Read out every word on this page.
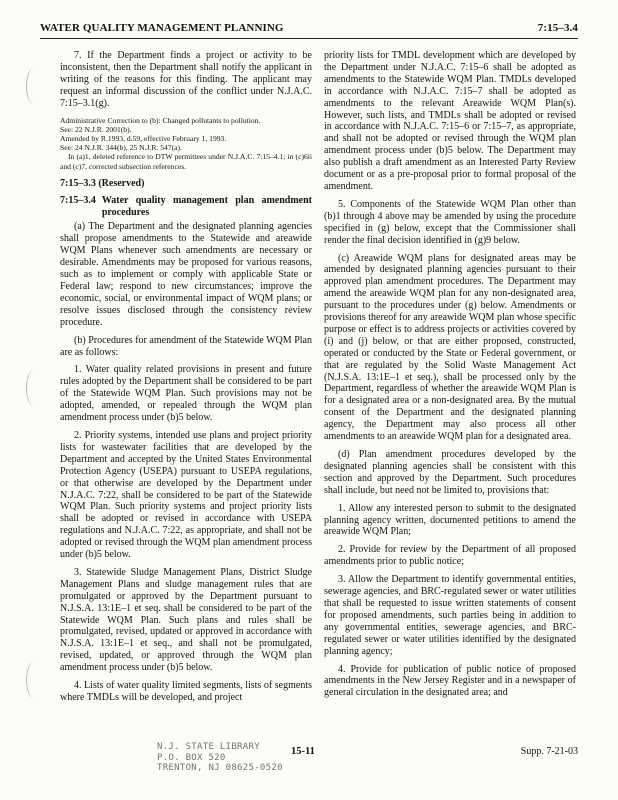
WATER QUALITY MANAGEMENT PLANNING	7:15–3.4

7. If the Department finds a project or activity to be inconsistent, then the Department shall notify the applicant in writing of the reasons for this finding. The applicant may request an informal discussion of the conflict under N.J.A.C. 7:15–3.1(g).

Administrative Correction to (b): Changed pollutants to pollution.

See: 22 N.J.R. 2001(b).

Amended by R.1993, d.59, effective February 1, 1993.

See: 24 N.J.R. 344(b), 25 N.J.R. 547(a).

In (a)1, deleted reference to DTW permittees under N.J.A.C. 7:15–4.1; in (c)6ii and (c)7, corrected subsection references.

7:15–3.3 (Reserved)

7:15–3.4 Water quality management plan amendment procedures

(a) The Department and the designated planning agencies shall propose amendments to the Statewide and areawide WQM Plans whenever such amendments are necessary or desirable. Amendments may be proposed for various reasons, such as to implement or comply with applicable State or Federal law; respond to new circumstances; improve the economic, social, or environmental impact of WQM plans; or resolve issues disclosed through the consistency review procedure.

(b) Procedures for amendment of the Statewide WQM Plan are as follows:

1. Water quality related provisions in present and future rules adopted by the Department shall be considered to be part of the Statewide WQM Plan. Such provisions may not be adopted, amended, or repealed through the WQM plan amendment process under (b)5 below.

2. Priority systems, intended use plans and project priority lists for wastewater facilities that are developed by the Department and accepted by the United States Environmental Protection Agency (USEPA) pursuant to USEPA regulations, or that otherwise are developed by the Department under N.J.A.C. 7:22, shall be considered to be part of the Statewide WQM Plan. Such priority systems and project priority lists shall be adopted or revised in accordance with USEPA regulations and N.J.A.C. 7:22, as appropriate, and shall not be adopted or revised through the WQM plan amendment process under (b)5 below.

3. Statewide Sludge Management Plans, District Sludge Management Plans and sludge management rules that are promulgated or approved by the Department pursuant to N.J.S.A. 13:1E–1 et seq. shall be considered to be part of the Statewide WQM Plan. Such plans and rules shall be promulgated, revised, updated or approved in accordance with N.J.S.A. 13:1E–1 et seq., and shall not be promulgated, revised, updated, or approved through the WQM plan amendment process under (b)5 below.

4. Lists of water quality limited segments, lists of segments where TMDLs will be developed, and project

priority lists for TMDL development which are developed by the Department under N.J.A.C. 7:15–6 shall be adopted as amendments to the Statewide WQM Plan. TMDLs developed in accordance with N.J.A.C. 7:15–7 shall be adopted as amendments to the relevant Areawide WQM Plan(s). However, such lists, and TMDLs shall be adopted or revised in accordance with N.J.A.C. 7:15–6 or 7:15–7, as appropriate, and shall not be adopted or revised through the WQM plan amendment process under (b)5 below. The Department may also publish a draft amendment as an Interested Party Review document or as a pre-proposal prior to formal proposal of the amendment.

5. Components of the Statewide WQM Plan other than (b)1 through 4 above may be amended by using the procedure specified in (g) below, except that the Commissioner shall render the final decision identified in (g)9 below.

(c) Areawide WQM plans for designated areas may be amended by designated planning agencies pursuant to their approved plan amendment procedures. The Department may amend the areawide WQM plan for any non-designated area, pursuant to the procedures under (g) below. Amendments or provisions thereof for any areawide WQM plan whose specific purpose or effect is to address projects or activities covered by (i) and (j) below, or that are either proposed, constructed, operated or conducted by the State or Federal government, or that are regulated by the Solid Waste Management Act (N.J.S.A. 13:1E–1 et seq.), shall be processed only by the Department, regardless of whether the areawide WQM Plan is for a designated area or a non-designated area. By the mutual consent of the Department and the designated planning agency, the Department may also process all other amendments to an areawide WQM plan for a designated area.

(d) Plan amendment procedures developed by the designated planning agencies shall be consistent with this section and approved by the Department. Such procedures shall include, but need not be limited to, provisions that:

1. Allow any interested person to submit to the designated planning agency written, documented petitions to amend the areawide WQM Plan;

2. Provide for review by the Department of all proposed amendments prior to public notice;

3. Allow the Department to identify governmental entities, sewerage agencies, and BRC-regulated sewer or water utilities that shall be requested to issue written statements of consent for proposed amendments, such parties being in addition to any governmental entities, sewerage agencies, and BRC-regulated sewer or water utilities identified by the designated planning agency;

4. Provide for publication of public notice of proposed amendments in the New Jersey Register and in a newspaper of general circulation in the designated area; and

N.J. STATE LIBRARY
P.O. BOX 520
TRENTON, NJ 08625-0520
15-11	Supp. 7-21-03
